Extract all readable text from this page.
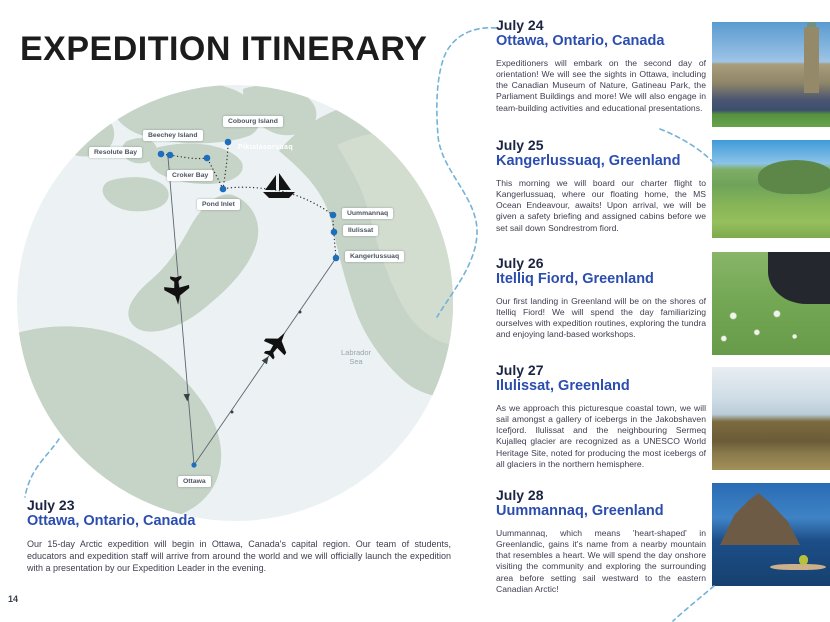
EXPEDITION ITINERARY
Resolute Bay
Beechey Island
Cobourg Island
Pikialasorsuaq
Croker Bay
Pond Inlet
Uummannaq
Ilulissat
Kangerlussuaq
Ottawa
Labrador
Sea
July 24
Ottawa, Ontario, Canada
Expeditioners will embark on the second day of orientation! We will see the sights in Ottawa, including the Canadian Museum of Nature, Gatineau Park, the Parliament Buildings and more! We will also engage in team-building activities and educational presentations.
July 25
Kangerlussuaq, Greenland
This morning we will board our charter flight to Kangerlussuaq, where our floating home, the MS Ocean Endeavour, awaits! Upon arrival, we will be given a safety briefing and assigned cabins before we set sail down Sondrestrom fiord.
July 26
Itelliq Fiord, Greenland
Our first landing in Greenland will be on the shores of Itelliq Fiord! We will spend the day familiarizing ourselves with expedition routines, exploring the tundra and enjoying land-based workshops.
July 27
Ilulissat, Greenland
As we approach this picturesque coastal town, we will sail amongst a gallery of icebergs in the Jakobshaven Icefjord. Ilulissat and the neighbouring Sermeq Kujalleq glacier are recognized as a UNESCO World Heritage Site, noted for producing the most icebergs of all glaciers in the northern hemisphere.
July 28
Uummannaq, Greenland
Uummannaq, which means 'heart-shaped' in Greenlandic, gains it's name from a nearby mountain that resembles a heart. We will spend the day onshore visiting the community and exploring the surrounding area before setting sail westward to the eastern Canadian Arctic!
July 23
Ottawa, Ontario, Canada
Our 15-day Arctic expedition will begin in Ottawa, Canada's capital region. Our team of students, educators and expedition staff will arrive from around the world and we will officially launch the expedition with a presentation by our Expedition Leader in the evening.
14
